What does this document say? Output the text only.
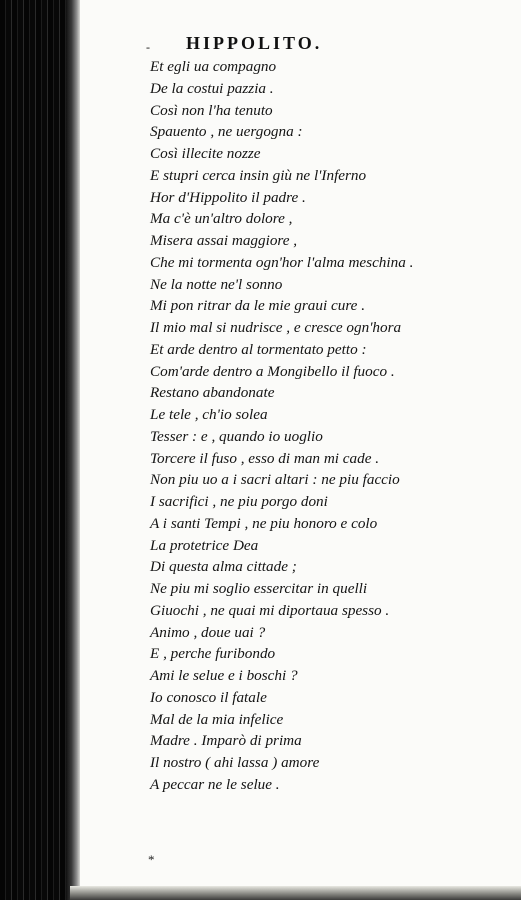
- HIPPOLITO.
Et egli ua compagno
De la costui pazzia .
Così non l'ha tenuto
Spauento , ne uergogna :
Così illecite nozze
E stupri cerca insin giù ne l'Inferno
Hor d'Hippolito il padre .
Ma c'è un'altro dolore ,
Misera assai maggiore ,
Che mi tormenta ogn'hor l'alma meschina .
Ne la notte ne'l sonno
Mi pon ritrar da le mie graui cure .
Il mio mal si nudrisce , e cresce ogn'hora
Et arde dentro al tormentato petto :
Com'arde dentro a Mongibello il fuoco .
Restano abandonate
Le tele , ch'io solea
Tesser : e , quando io uoglio
Torcere il fuso , esso di man mi cade .
Non piu uo a i sacri altari : ne piu faccio
I sacrifici , ne piu porgo doni
A i santi Tempi , ne piu honoro e colo
La protetrice Dea
Di questa alma cittade ;
Ne piu mi soglio essercitar in quelli
Giuochi , ne quai mi diportaua spesso .
Animo , doue uai ?
E , perche furibondo
Ami le selue e i boschi ?
Io conosco il fatale
Mal de la mia infelice
Madre . Imparò di prima
Il nostro ( ahi lassa ) amore
A peccar ne le selue .
*
